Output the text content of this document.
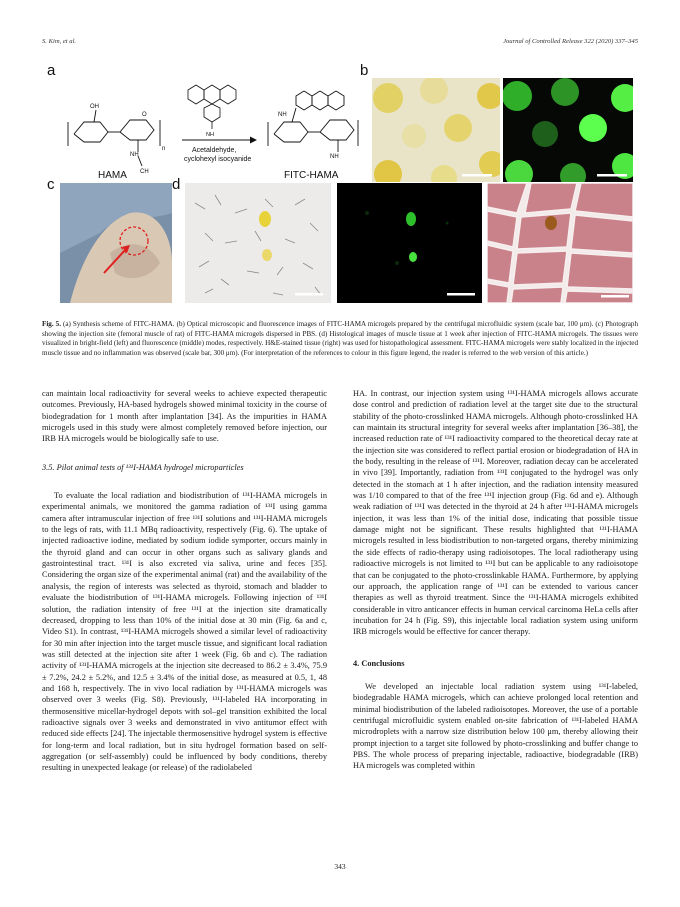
S. Kim, et al.	Journal of Controlled Release 322 (2020) 337–345
a	b
c	d
OH
O
NH
CH
n
HAMA
NH
Acetaldehyde,
cyclohexyl isocyanide
NH
NH
FITC-HAMA
Fig. 5. (a) Synthesis scheme of FITC-HAMA. (b) Optical microscopic and fluorescence images of FITC-HAMA microgels prepared by the centrifugal microfluidic system (scale bar, 100 μm). (c) Photograph showing the injection site (femoral muscle of rat) of FITC-HAMA microgels dispersed in PBS. (d) Histological images of muscle tissue at 1 week after injection of FITC-HAMA microgels. The tissues were visualized in bright-field (left) and fluorescence (middle) modes, respectively. H&E-stained tissue (right) was used for histopathological assessment. FITC-HAMA microgels were stably localized in the injected muscle tissue and no inflammation was observed (scale bar, 300 μm). (For interpretation of the references to colour in this figure legend, the reader is referred to the web version of this article.)

can maintain local radioactivity for several weeks to achieve expected therapeutic outcomes. Previously, HA-based hydrogels showed minimal toxicity in the course of biodegradation for 1 month after implantation [34]. As the impurities in HAMA microgels used in this study were almost completely removed before injection, our IRB HA microgels would be biologically safe to use.

3.5. Pilot animal tests of ¹³¹I-HAMA hydrogel microparticles

To evaluate the local radiation and biodistribution of ¹³¹I-HAMA microgels in experimental animals, we monitored the gamma radiation of ¹³¹I using gamma camera after intramuscular injection of free ¹³¹I solutions and ¹³¹I-HAMA microgels to the legs of rats, with 11.1 MBq radioactivity, respectively (Fig. 6). The uptake of injected radioactive iodine, mediated by sodium iodide symporter, occurs mainly in the thyroid gland and can occur in other organs such as salivary glands and gastrointestinal tract. ¹³¹I is also excreted via saliva, urine and feces [35]. Considering the organ size of the experimental animal (rat) and the availability of the analysis, the region of interests was selected as thyroid, stomach and bladder to evaluate the biodistribution of ¹³¹I-HAMA microgels. Following injection of ¹³¹I solution, the radiation intensity of free ¹³¹I at the injection site dramatically decreased, dropping to less than 10% of the initial dose at 30 min (Fig. 6a and c, Video S1). In contrast, ¹³¹I-HAMA microgels showed a similar level of radioactivity for 30 min after injection into the target muscle tissue, and significant local radiation was still detected at the injection site after 1 week (Fig. 6b and c). The radiation activity of ¹³¹I-HAMA microgels at the injection site decreased to 86.2 ± 3.4%, 75.9 ± 7.2%, 24.2 ± 5.2%, and 12.5 ± 3.4% of the initial dose, as measured at 0.5, 1, 48 and 168 h, respectively. The in vivo local radiation by ¹³¹I-HAMA microgels was observed over 3 weeks (Fig. S8). Previously, ¹³¹I-labeled HA incorporating in thermosensitive micellar-hydrogel depots with sol–gel transition exhibited the local radioactive signals over 3 weeks and demonstrated in vivo antitumor effect with reduced side effects [24]. The injectable thermosensitive hydrogel system is effective for long-term and local radiation, but in situ hydrogel formation based on self-aggregation (or self-assembly) could be influenced by body conditions, thereby resulting in unexpected leakage (or release) of the radiolabeled

HA. In contrast, our injection system using ¹³¹I-HAMA microgels allows accurate dose control and prediction of radiation level at the target site due to the structural stability of the photo-crosslinked HAMA microgels. Although photo-crosslinked HA can maintain its structural integrity for several weeks after implantation [36–38], the increased reduction rate of ¹³¹I radioactivity compared to the theoretical decay rate at the injection site was considered to reflect partial erosion or biodegradation of HA in the body, resulting in the release of ¹³¹I. Moreover, radiation decay can be accelerated in vivo [39]. Importantly, radiation from ¹³¹I conjugated to the hydrogel was only detected in the stomach at 1 h after injection, and the radiation intensity measured was 1/10 compared to that of the free ¹³¹I injection group (Fig. 6d and e). Although weak radiation of ¹³¹I was detected in the thyroid at 24 h after ¹³¹I-HAMA microgels injection, it was less than 1% of the initial dose, indicating that possible tissue damage might not be significant. These results highlighted that ¹³¹I-HAMA microgels resulted in less biodistribution to non-targeted organs, thereby minimizing the side effects of radio-therapy using radioisotopes. The local radiotherapy using radioactive microgels is not limited to ¹³¹I but can be applicable to any radioisotope that can be conjugated to the photo-crosslinkable HAMA. Furthermore, by applying our approach, the application range of ¹³¹I can be extended to various cancer therapies as well as thyroid treatment. Since the ¹³¹I-HAMA microgels exhibited considerable in vitro anticancer effects in human cervical carcinoma HeLa cells after incubation for 24 h (Fig. S9), this injectable local radiation system using uniform IRB microgels would be effective for cancer therapy.

4. Conclusions

We developed an injectable local radiation system using ¹³¹I-labeled, biodegradable HAMA microgels, which can achieve prolonged local retention and minimal biodistribution of the labeled radioisotopes. Moreover, the use of a portable centrifugal microfluidic system enabled on-site fabrication of ¹³¹I-labeled HAMA microdroplets with a narrow size distribution below 100 μm, thereby allowing their prompt injection to a target site followed by photo-crosslinking and buffer change to PBS. The whole process of preparing injectable, radioactive, biodegradable (IRB) HA microgels was completed within

343
